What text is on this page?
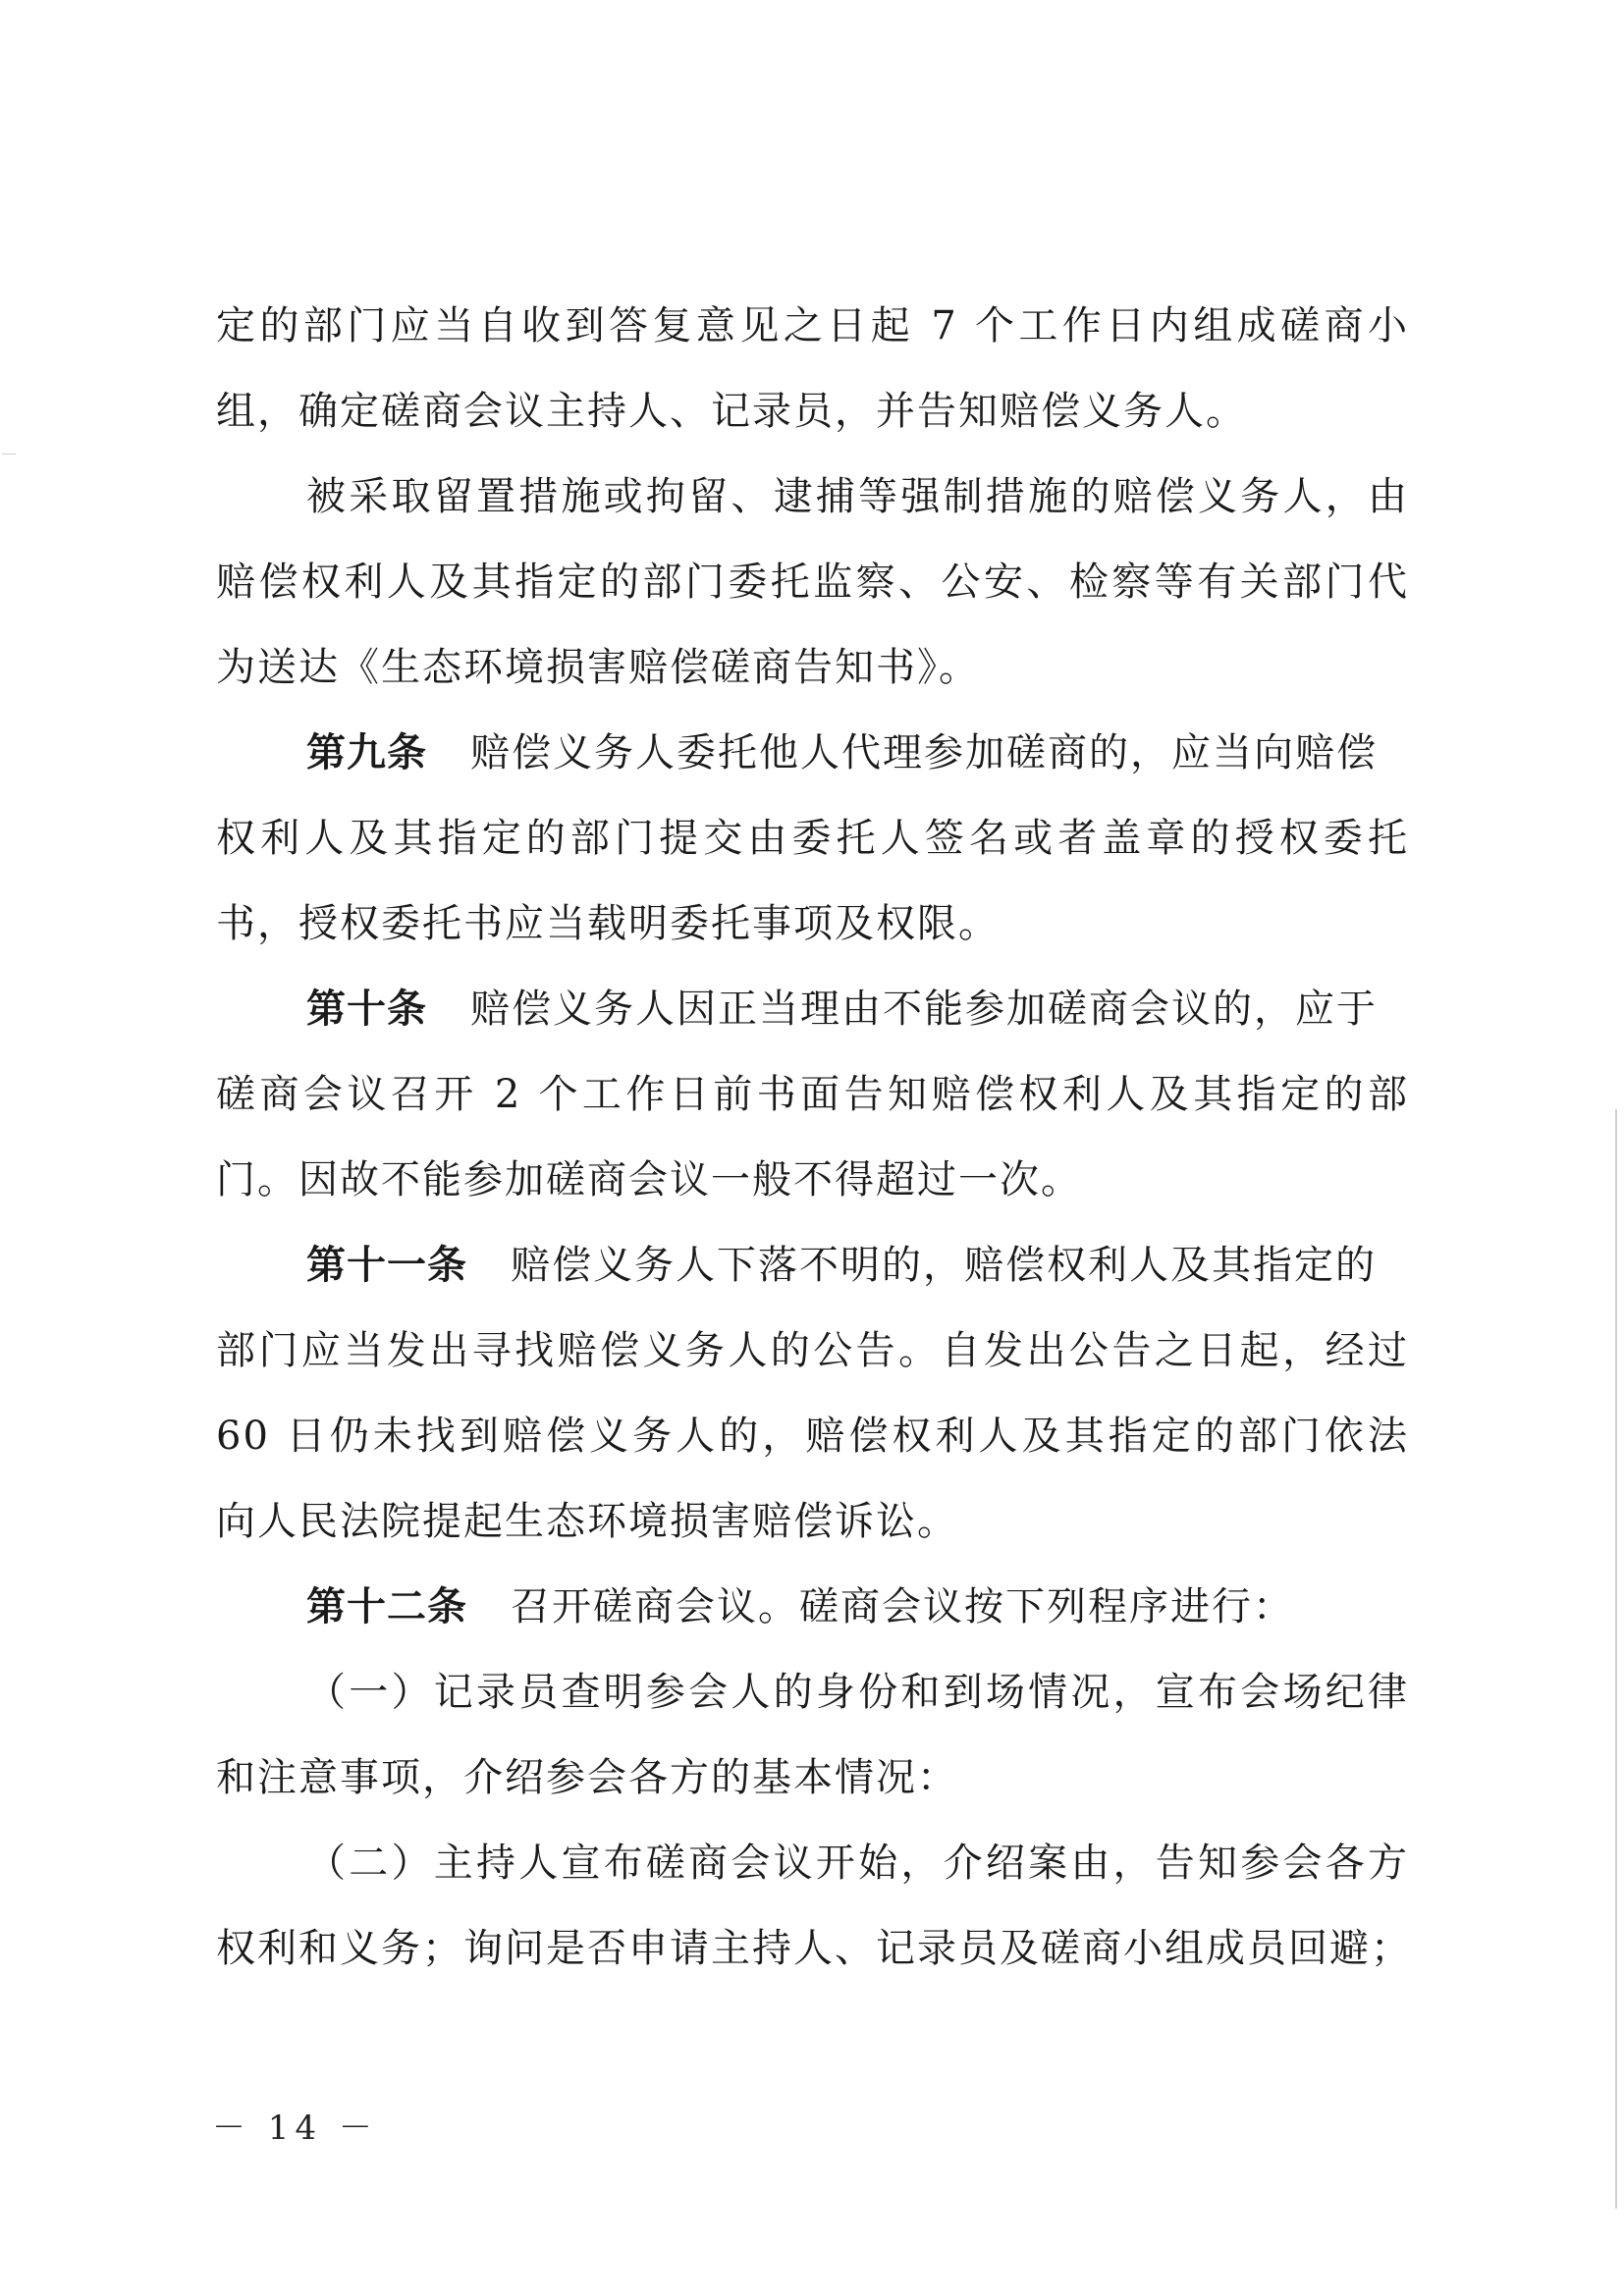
定的部门应当自收到答复意见之日起 7 个工作日内组成磋商小
组，确定磋商会议主持人、记录员，并告知赔偿义务人。
被采取留置措施或拘留、逮捕等强制措施的赔偿义务人，由
赔偿权利人及其指定的部门委托监察、公安、检察等有关部门代
为送达《生态环境损害赔偿磋商告知书》。
第九条 赔偿义务人委托他人代理参加磋商的，应当向赔偿
权利人及其指定的部门提交由委托人签名或者盖章的授权委托
书，授权委托书应当载明委托事项及权限。
第十条 赔偿义务人因正当理由不能参加磋商会议的，应于
磋商会议召开 2 个工作日前书面告知赔偿权利人及其指定的部
门。因故不能参加磋商会议一般不得超过一次。
第十一条 赔偿义务人下落不明的，赔偿权利人及其指定的
部门应当发出寻找赔偿义务人的公告。自发出公告之日起，经过
60 日仍未找到赔偿义务人的，赔偿权利人及其指定的部门依法
向人民法院提起生态环境损害赔偿诉讼。
第十二条 召开磋商会议。磋商会议按下列程序进行：
（一）记录员查明参会人的身份和到场情况，宣布会场纪律
和注意事项，介绍参会各方的基本情况：
（二）主持人宣布磋商会议开始，介绍案由，告知参会各方
权利和义务；询问是否申请主持人、记录员及磋商小组成员回避；
－ 14 －
